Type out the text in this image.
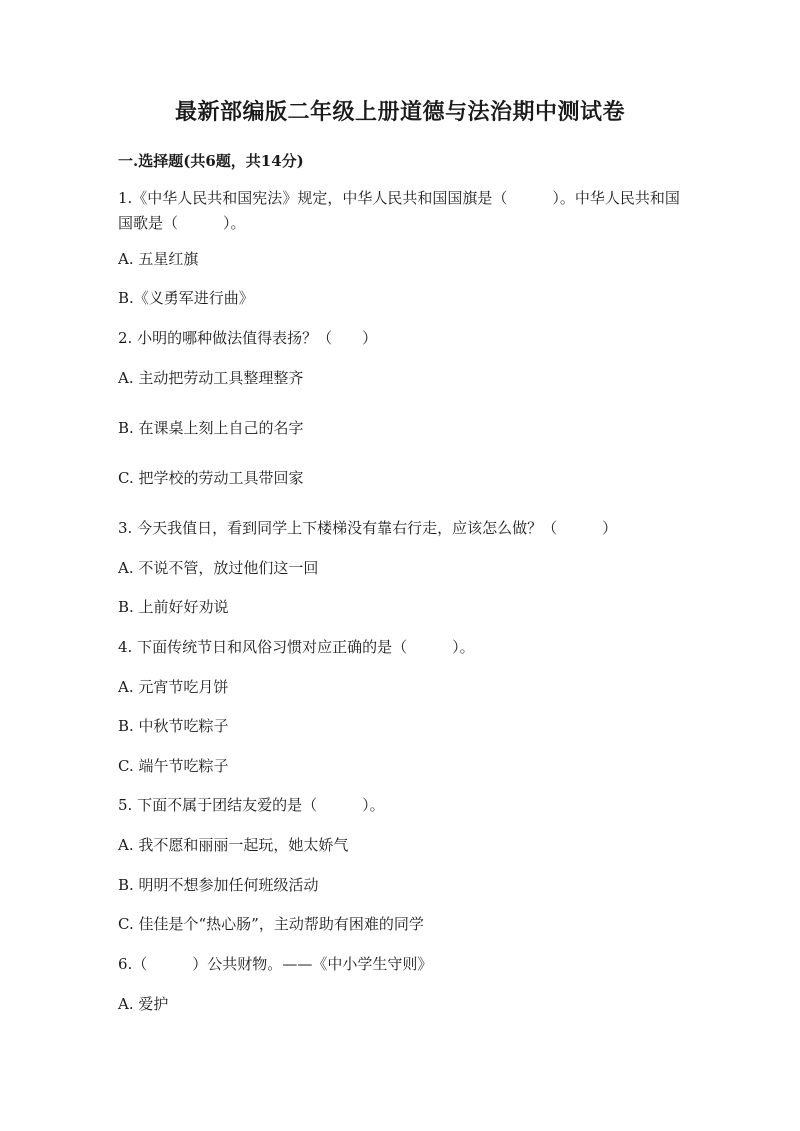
最新部编版二年级上册道德与法治期中测试卷
一.选择题(共6题，共14分)
1.《中华人民共和国宪法》规定，中华人民共和国国旗是（　　　）。中华人民共和国国歌是（　　　）。
A. 五星红旗
B.《义勇军进行曲》
2. 小明的哪种做法值得表扬？（　　）
A. 主动把劳动工具整理整齐
B. 在课桌上刻上自己的名字
C. 把学校的劳动工具带回家
3. 今天我值日，看到同学上下楼梯没有靠右行走，应该怎么做？（　　　）
A. 不说不管，放过他们这一回
B. 上前好好劝说
4. 下面传统节日和风俗习惯对应正确的是（　　　）。
A. 元宵节吃月饼
B. 中秋节吃粽子
C. 端午节吃粽子
5. 下面不属于团结友爱的是（　　　）。
A. 我不愿和丽丽一起玩，她太娇气
B. 明明不想参加任何班级活动
C. 佳佳是个“热心肠”，主动帮助有困难的同学
6.（　　　）公共财物。——《中小学生守则》
A. 爱护
